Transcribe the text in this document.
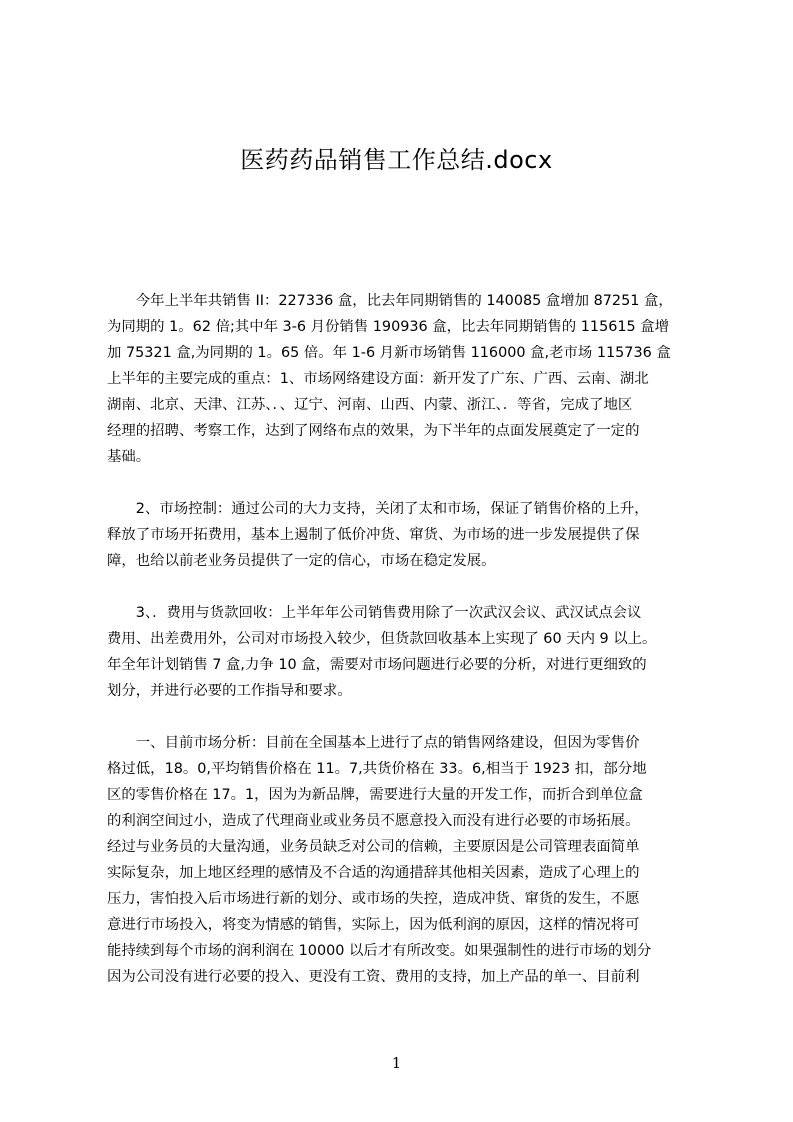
医药药品销售工作总结.docx

　　今年上半年共销售 II：227336 盒，比去年同期销售的 140085 盒增加 87251 盒，
为同期的 1。62 倍;其中年 3-6 月份销售 190936 盒，比去年同期销售的 115615 盒增
加 75321 盒,为同期的 1。65 倍。年 1-6 月新市场销售 116000 盒,老市场 115736 盒
上半年的主要完成的重点：1、市场网络建设方面：新开发了广东、广西、云南、湖北
湖南、北京、天津、江苏、．、辽宁、河南、山西、内蒙、浙江、．等省，完成了地区
经理的招聘、考察工作，达到了网络布点的效果，为下半年的点面发展奠定了一定的
基础。

　　2、市场控制：通过公司的大力支持，关闭了太和市场，保证了销售价格的上升，
释放了市场开拓费用，基本上遏制了低价冲货、窜货、为市场的进一步发展提供了保
障，也给以前老业务员提供了一定的信心，市场在稳定发展。

　　3、．费用与货款回收：上半年年公司销售费用除了一次武汉会议、武汉试点会议
费用、出差费用外，公司对市场投入较少，但货款回收基本上实现了 60 天内 9 以上。
年全年计划销售 7 盒,力争 10 盒，需要对市场问题进行必要的分析，对进行更细致的
划分，并进行必要的工作指导和要求。

　　一、目前市场分析：目前在全国基本上进行了点的销售网络建设，但因为零售价
格过低，18。0,平均销售价格在 11。7,共货价格在 33。6,相当于 1923 扣，部分地
区的零售价格在 17。1，因为为新品牌，需要进行大量的开发工作，而折合到单位盒
的利润空间过小，造成了代理商业或业务员不愿意投入而没有进行必要的市场拓展。
经过与业务员的大量沟通，业务员缺乏对公司的信赖，主要原因是公司管理表面简单
实际复杂，加上地区经理的感情及不合适的沟通措辞其他相关因素，造成了心理上的
压力，害怕投入后市场进行新的划分、或市场的失控，造成冲货、窜货的发生，不愿
意进行市场投入，将变为情感的销售，实际上，因为低利润的原因，这样的情况将可
能持续到每个市场的润利润在 10000 以后才有所改变。如果强制性的进行市场的划分
因为公司没有进行必要的投入、更没有工资、费用的支持，加上产品的单一、目前利

1
